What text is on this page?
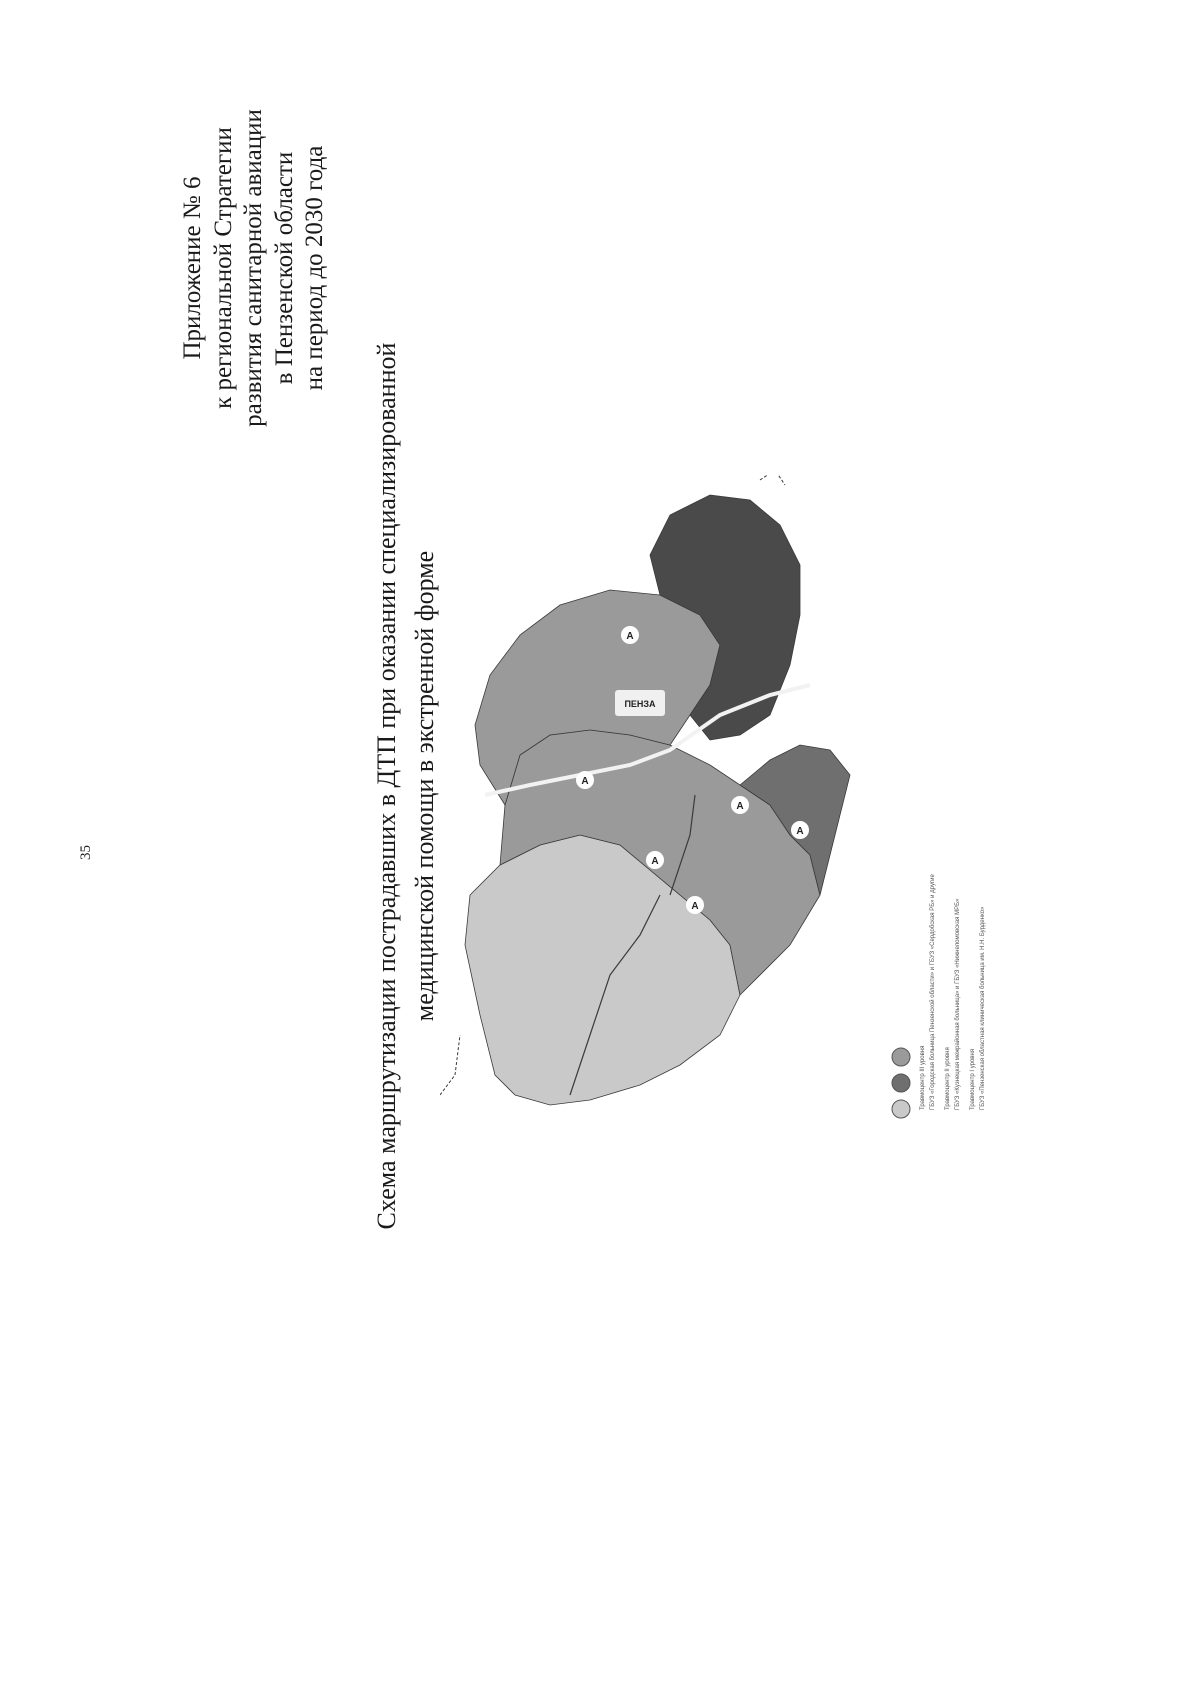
35
Приложение № 6 к региональной Стратегии развития санитарной авиации в Пензенской области на период до 2030 года
Схема маршрутизации пострадавших в ДТП при оказании специализированной медицинской помощи в экстренной форме	ПЕНЗА
А
А
А
А
А
А
Травмоцентр III уровня ГБУЗ «Городская больница Пензенской области» и ГБУЗ «Сердобская РБ» и другие Травмоцентр II уровня ГБУЗ «Кузнецкая межрайонная больница» и ГБУЗ «Нижнеломовская МРБ» Травмоцентр I уровня ГБУЗ «Пензенская областная клиническая больница им. Н.Н. Бурденко»
